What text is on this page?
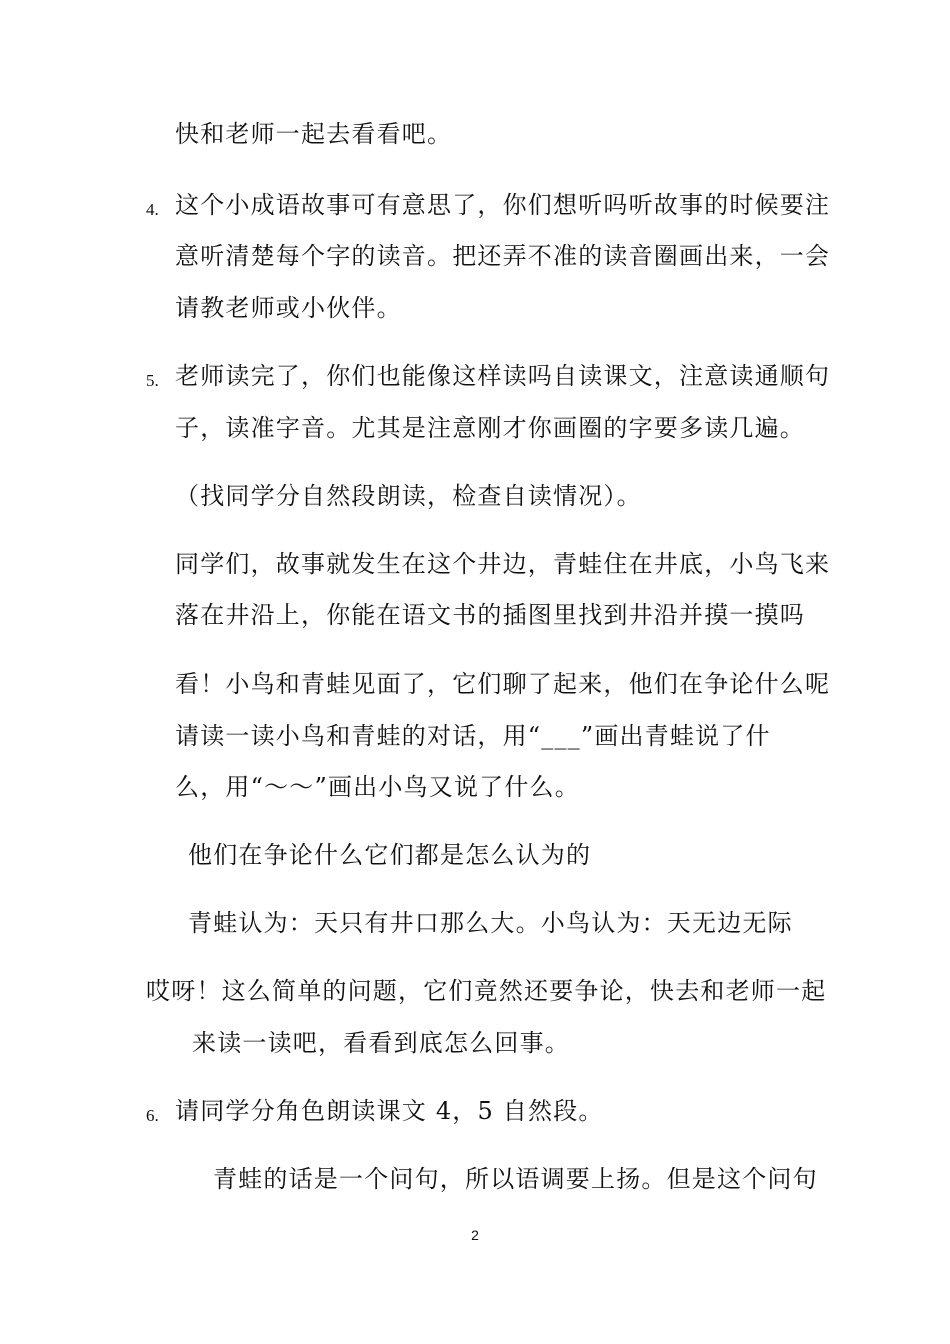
快和老师一起去看看吧。
4. 这个小成语故事可有意思了，你们想听吗听故事的时候要注
意听清楚每个字的读音。把还弄不准的读音圈画出来，一会
请教老师或小伙伴。
5. 老师读完了，你们也能像这样读吗自读课文，注意读通顺句
子，读准字音。尤其是注意刚才你画圈的字要多读几遍。
（找同学分自然段朗读，检查自读情况）。
同学们，故事就发生在这个井边，青蛙住在井底，小鸟飞来
落在井沿上，你能在语文书的插图里找到井沿并摸一摸吗
看！小鸟和青蛙见面了，它们聊了起来，他们在争论什么呢
请读一读小鸟和青蛙的对话，用“___”画出青蛙说了什
么，用“～～”画出小鸟又说了什么。
他们在争论什么它们都是怎么认为的
青蛙认为：天只有井口那么大。小鸟认为：天无边无际
哎呀！这么简单的问题，它们竟然还要争论，快去和老师一起
来读一读吧，看看到底怎么回事。
6. 请同学分角色朗读课文 4，5 自然段。
青蛙的话是一个问句，所以语调要上扬。但是这个问句
2
